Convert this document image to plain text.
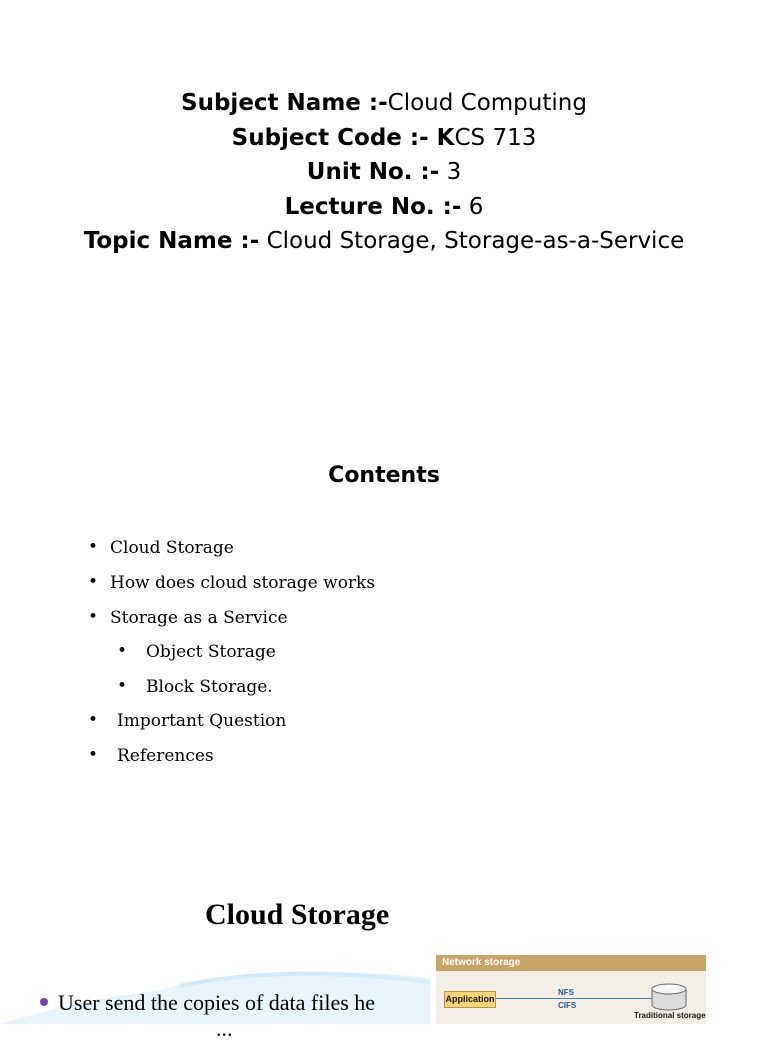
Subject Name :-Cloud Computing
Subject Code :- KCS 713
Unit No. :- 3
Lecture No. :- 6
Topic Name :- Cloud Storage, Storage-as-a-Service
Contents
• Cloud Storage
• How does cloud storage works
• Storage as a Service
• Object Storage
• Block Storage.
• Important Question
• References
Cloud Storage
User send the copies of data files he
...
Network storage
Application
NFS
CIFS
Traditional storage
